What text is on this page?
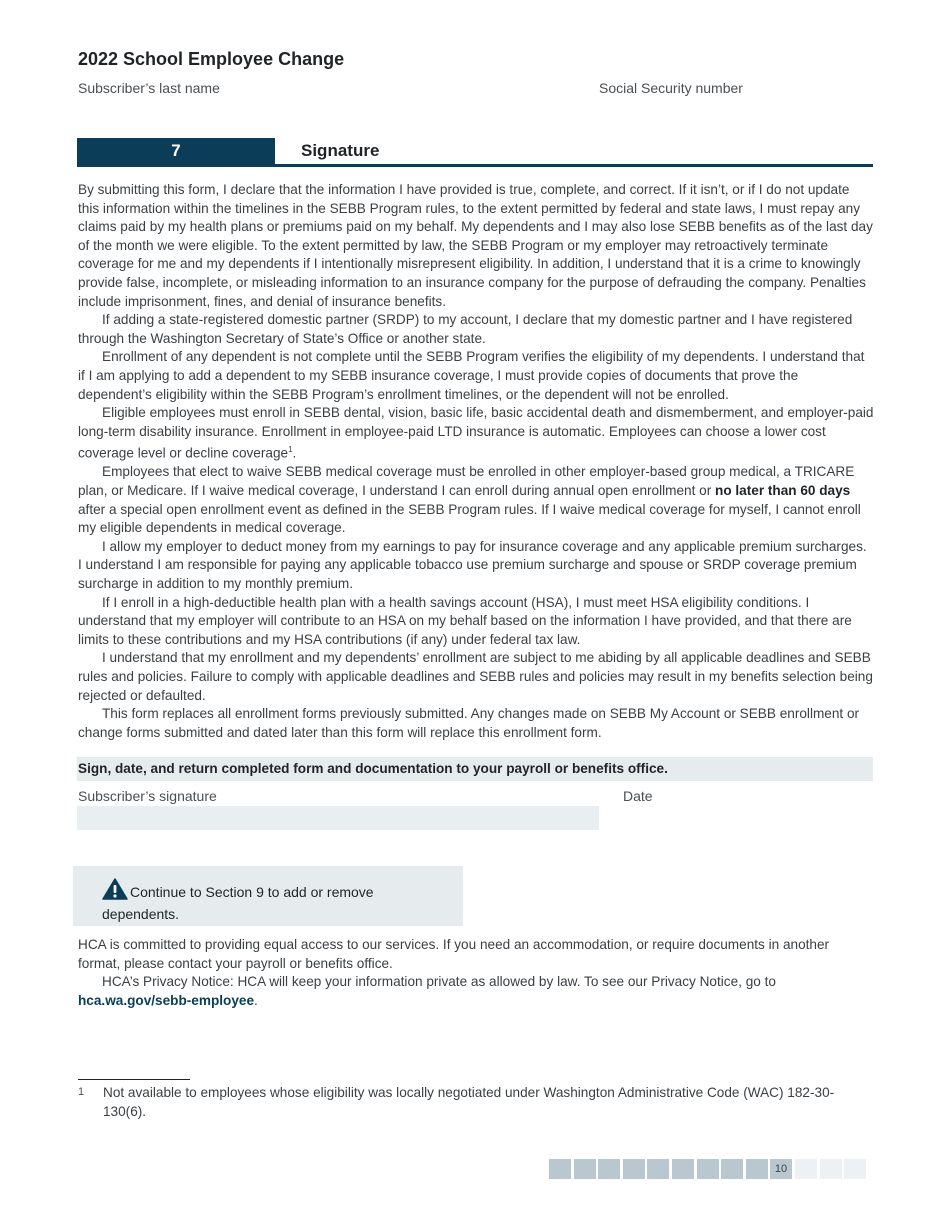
2022 School Employee Change
Subscriber’s last name	Social Security number
7	Signature

By submitting this form, I declare that the information I have provided is true, complete, and correct. If it isn’t, or if I do not update this information within the timelines in the SEBB Program rules, to the extent permitted by federal and state laws, I must repay any claims paid by my health plans or premiums paid on my behalf. My dependents and I may also lose SEBB benefits as of the last day of the month we were eligible. To the extent permitted by law, the SEBB Program or my employer may retroactively terminate coverage for me and my dependents if I intentionally misrepresent eligibility. In addition, I understand that it is a crime to knowingly provide false, incomplete, or misleading information to an insurance company for the purpose of defrauding the company. Penalties include imprisonment, fines, and denial of insurance benefits.

If adding a state-registered domestic partner (SRDP) to my account, I declare that my domestic partner and I have registered through the Washington Secretary of State’s Office or another state.

Enrollment of any dependent is not complete until the SEBB Program verifies the eligibility of my dependents. I understand that if I am applying to add a dependent to my SEBB insurance coverage, I must provide copies of documents that prove the dependent’s eligibility within the SEBB Program’s enrollment timelines, or the dependent will not be enrolled.

Eligible employees must enroll in SEBB dental, vision, basic life, basic accidental death and dismemberment, and employer-paid long-term disability insurance. Enrollment in employee-paid LTD insurance is automatic. Employees can choose a lower cost coverage level or decline coverage$^1$.

Employees that elect to waive SEBB medical coverage must be enrolled in other employer-based group medical, a TRICARE plan, or Medicare. If I waive medical coverage, I understand I can enroll during annual open enrollment or no later than 60 days after a special open enrollment event as defined in the SEBB Program rules. If I waive medical coverage for myself, I cannot enroll my eligible dependents in medical coverage.

I allow my employer to deduct money from my earnings to pay for insurance coverage and any applicable premium surcharges. I understand I am responsible for paying any applicable tobacco use premium surcharge and spouse or SRDP coverage premium surcharge in addition to my monthly premium.

If I enroll in a high-deductible health plan with a health savings account (HSA), I must meet HSA eligibility conditions. I understand that my employer will contribute to an HSA on my behalf based on the information I have provided, and that there are limits to these contributions and my HSA contributions (if any) under federal tax law.

I understand that my enrollment and my dependents’ enrollment are subject to me abiding by all applicable deadlines and SEBB rules and policies. Failure to comply with applicable deadlines and SEBB rules and policies may result in my benefits selection being rejected or defaulted.

This form replaces all enrollment forms previously submitted. Any changes made on SEBB My Account or SEBB enrollment or change forms submitted and dated later than this form will replace this enrollment form.

Sign, date, and return completed form and documentation to your payroll or benefits office.
Subscriber’s signature	Date
Continue to Section 9 to add or remove dependents.

HCA is committed to providing equal access to our services. If you need an accommodation, or require documents in another format, please contact your payroll or benefits office.

HCA’s Privacy Notice: HCA will keep your information private as allowed by law. To see our Privacy Notice, go to hca.wa.gov/sebb-employee.

1 Not available to employees whose eligibility was locally negotiated under Washington Administrative Code (WAC) 182-30-130(6).
10
